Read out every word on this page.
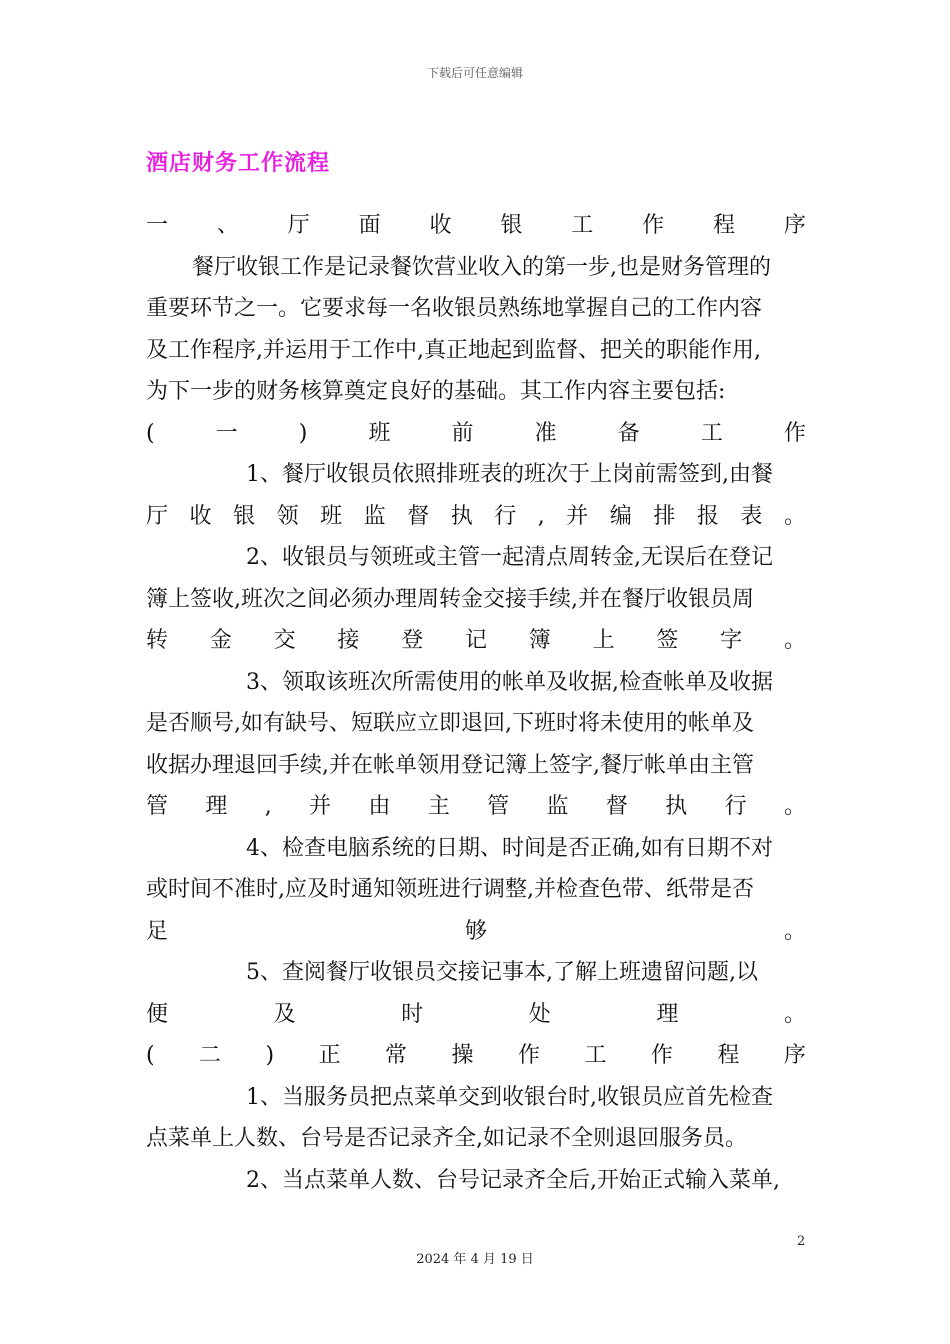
下载后可任意编辑
酒店财务工作流程
一 、 厅 面 收 银 工 作 程 序
餐厅收银工作是记录餐饮营业收入的第一步,也是财务管理的
重要环节之一。它要求每一名收银员熟练地掌握自己的工作内容
及工作程序,并运用于工作中,真正地起到监督、把关的职能作用,
为下一步的财务核算奠定良好的基础。其工作内容主要包括:
(	一	)	班	前	准	备	工	作
1、餐厅收银员依照排班表的班次于上岗前需签到,由餐
厅 收 银 领 班 监 督 执 行 , 并 编 排 报 表 。
2、收银员与领班或主管一起清点周转金,无误后在登记
簿上签收,班次之间必须办理周转金交接手续,并在餐厅收银员周
转 金 交 接 登 记 簿 上 签 字 。
3、领取该班次所需使用的帐单及收据,检查帐单及收据
是否顺号,如有缺号、短联应立即退回,下班时将未使用的帐单及
收据办理退回手续,并在帐单领用登记簿上签字,餐厅帐单由主管
管 理 , 并 由 主 管 监 督 执 行 。
4、检查电脑系统的日期、时间是否正确,如有日期不对
或时间不准时,应及时通知领班进行调整,并检查色带、纸带是否
足	够	。
5、查阅餐厅收银员交接记事本,了解上班遗留问题,以
便	及	时	处	理	。
( 二 ) 正 常 操 作 工 作 程 序
1、当服务员把点菜单交到收银台时,收银员应首先检查
点菜单上人数、台号是否记录齐全,如记录不全则退回服务员。
2、当点菜单人数、台号记录齐全后,开始正式输入菜单,
2
2024 年 4 月 19 日
